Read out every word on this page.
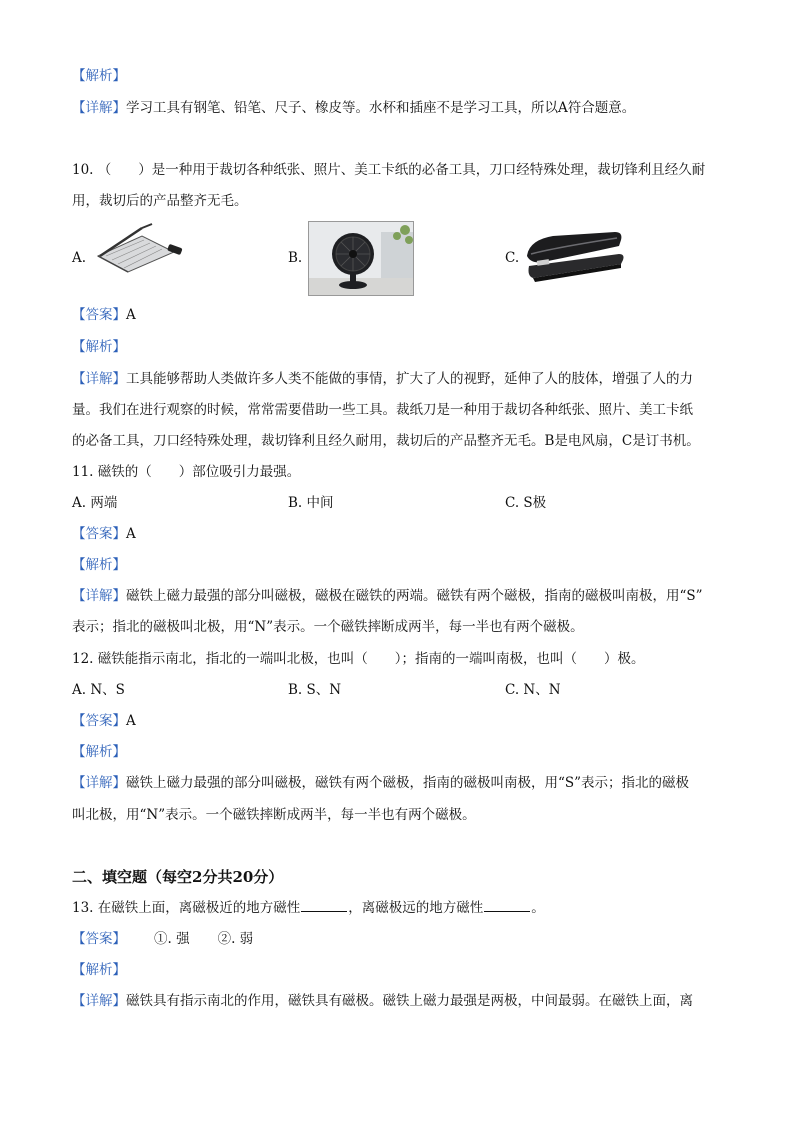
【解析】
【详解】学习工具有钢笔、铅笔、尺子、橡皮等。水杯和插座不是学习工具，所以A符合题意。
10. （　　）是一种用于裁切各种纸张、照片、美工卡纸的必备工具，刀口经特殊处理，裁切锋利且经久耐
用，裁切后的产品整齐无毛。
A.	B.	C.
【答案】A
【解析】
【详解】工具能够帮助人类做许多人类不能做的事情，扩大了人的视野，延伸了人的肢体，增强了人的力
量。我们在进行观察的时候，常常需要借助一些工具。裁纸刀是一种用于裁切各种纸张、照片、美工卡纸
的必备工具，刀口经特殊处理，裁切锋利且经久耐用，裁切后的产品整齐无毛。B是电风扇，C是订书机。
11. 磁铁的（　　）部位吸引力最强。
A. 两端	B. 中间	C. S极
【答案】A
【解析】
【详解】磁铁上磁力最强的部分叫磁极，磁极在磁铁的两端。磁铁有两个磁极，指南的磁极叫南极，用“S”
表示；指北的磁极叫北极，用“N”表示。一个磁铁摔断成两半，每一半也有两个磁极。
12. 磁铁能指示南北，指北的一端叫北极，也叫（　　）；指南的一端叫南极，也叫（　　）极。
A. N、S	B. S、N	C. N、N
【答案】A
【解析】
【详解】磁铁上磁力最强的部分叫磁极，磁铁有两个磁极，指南的磁极叫南极，用“S”表示；指北的磁极
叫北极，用“N”表示。一个磁铁摔断成两半，每一半也有两个磁极。
二、填空题（每空2分共20分）
13. 在磁铁上面，离磁极近的地方磁性	，离磁极远的地方磁性	。
【答案】 ①. 强 ②. 弱
【解析】
【详解】磁铁具有指示南北的作用，磁铁具有磁极。磁铁上磁力最强是两极，中间最弱。在磁铁上面，离
